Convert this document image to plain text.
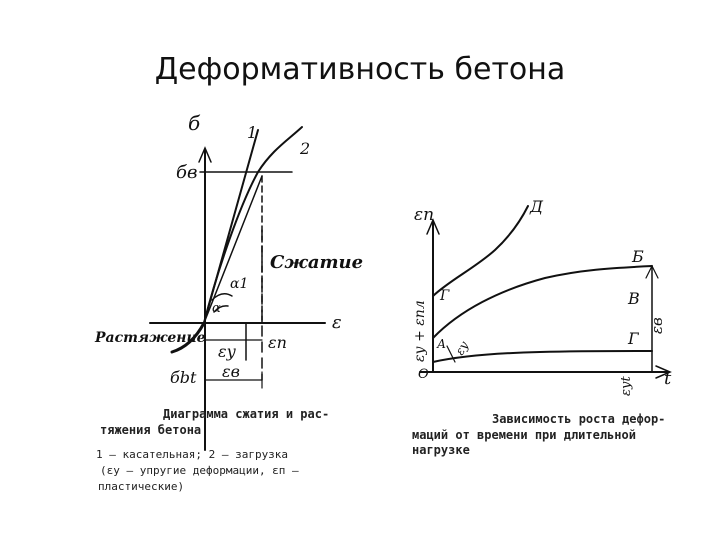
Деформативность бетона
б	1
2
бв
Сжатие
α1
α
ε
Растяжение
εу εп
εв
бbt
Диаграмма сжатия и рас-
тяжения бетона
1 — касательная; 2 — загрузка
(εу — упругие деформации, εп —
пластические)
εп	Д
Б
Г	В
Г
А
О	t
εу + εпл εу
εв
εуt
Зависимость роста дефор-
маций от времени при длительной
нагрузке
